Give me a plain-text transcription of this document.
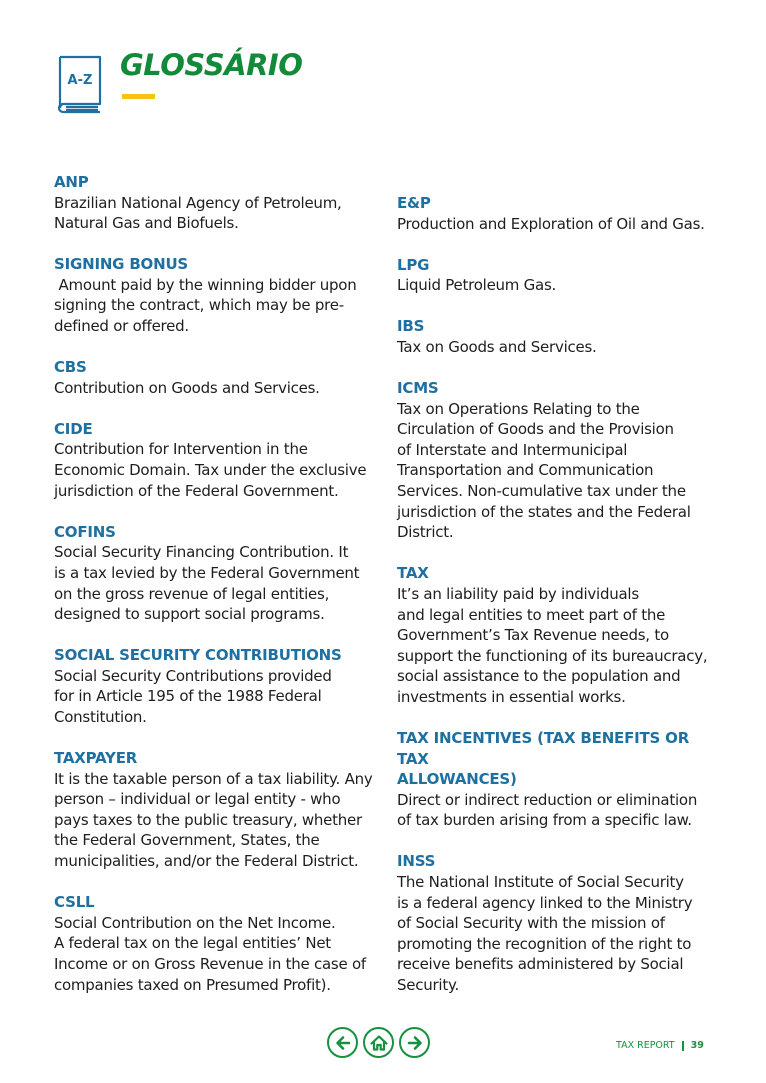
A-Z GLOSSÁRIO
ANP
Brazilian National Agency of Petroleum,
Natural Gas and Biofuels.
SIGNING BONUS
Amount paid by the winning bidder upon
signing the contract, which may be pre-
defined or offered.
CBS
Contribution on Goods and Services.
CIDE
Contribution for Intervention in the
Economic Domain. Tax under the exclusive
jurisdiction of the Federal Government.
COFINS
Social Security Financing Contribution. It
is a tax levied by the Federal Government
on the gross revenue of legal entities,
designed to support social programs.
SOCIAL SECURITY CONTRIBUTIONS
Social Security Contributions provided
for in Article 195 of the 1988 Federal
Constitution.
TAXPAYER
It is the taxable person of a tax liability. Any
person – individual or legal entity - who
pays taxes to the public treasury, whether
the Federal Government, States, the
municipalities, and/or the Federal District.
CSLL
Social Contribution on the Net Income.
A federal tax on the legal entities’ Net
Income or on Gross Revenue in the case of
companies taxed on Presumed Profit).
E&P
Production and Exploration of Oil and Gas.
LPG
Liquid Petroleum Gas.
IBS
Tax on Goods and Services.
ICMS
Tax on Operations Relating to the
Circulation of Goods and the Provision
of Interstate and Intermunicipal
Transportation and Communication
Services. Non-cumulative tax under the
jurisdiction of the states and the Federal
District.
TAX
It’s an liability paid by individuals
and legal entities to meet part of the
Government’s Tax Revenue needs, to
support the functioning of its bureaucracy,
social assistance to the population and
investments in essential works.
TAX INCENTIVES (TAX BENEFITS OR TAX
ALLOWANCES)
Direct or indirect reduction or elimination
of tax burden arising from a specific law.
INSS
The National Institute of Social Security
is a federal agency linked to the Ministry
of Social Security with the mission of
promoting the recognition of the right to
receive benefits administered by Social
Security.
TAX REPORT 39
